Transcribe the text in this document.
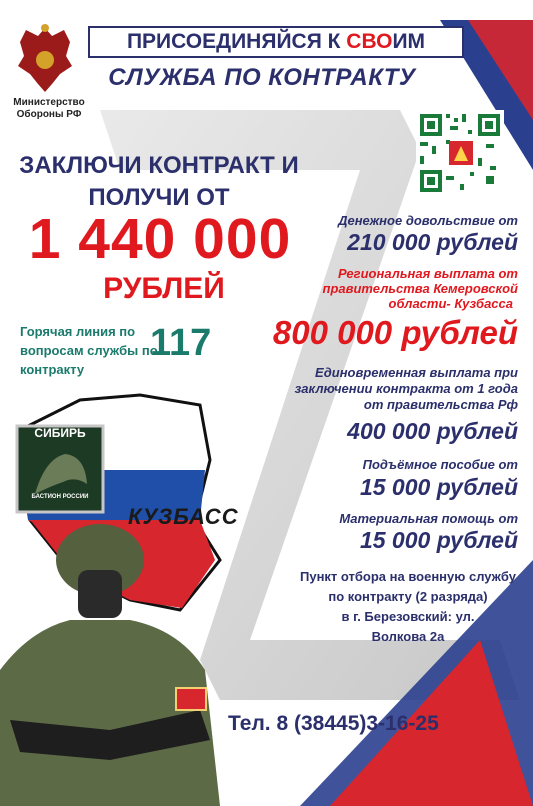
Министерство Обороны РФ
ПРИСОЕДИНЯЙСЯ К СВОИМ
СЛУЖБА ПО КОНТРАКТУ
ЗАКЛЮЧИ КОНТРАКТ И
ПОЛУЧИ ОТ
1 440 000
РУБЛЕЙ
Горячая линия по вопросам службы по контракту
117
Денежное довольствие от
210 000 рублей
Региональная выплата от
правительства Кемеровской
области- Кузбасса
800 000 рублей
Единовременная выплата при
заключении контракта от 1 года
от правительства Рф
400 000 рублей
Подъёмное пособие от
15 000 рублей
Материальная помощь от
15 000 рублей
Пункт отбора на военную службу
по контракту (2 разряда)
в г. Березовский: ул.
Волкова 2а
Тел. 8 (38445)3-16-25
КУЗБАСС
СИБИРЬ
БАСТИОН РОССИИ
